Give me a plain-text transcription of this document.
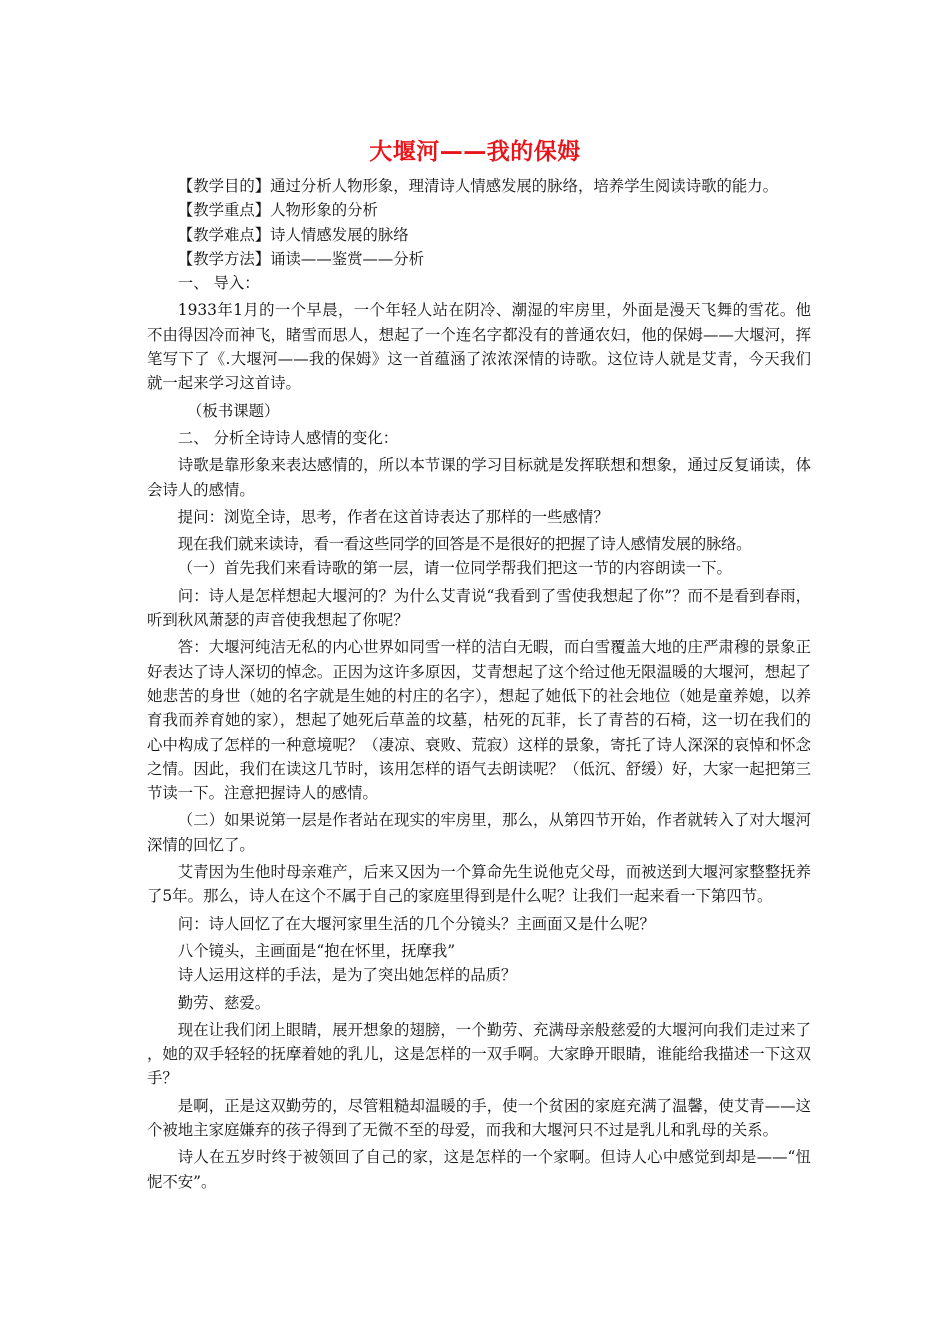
大堰河——我的保姆

【教学目的】通过分析人物形象，理清诗人情感发展的脉络，培养学生阅读诗歌的能力。

【教学重点】人物形象的分析

【教学难点】诗人情感发展的脉络

【教学方法】诵读——鉴赏——分析

一、 导入：

1933年1月的一个早晨，一个年轻人站在阴冷、潮湿的牢房里，外面是漫天飞舞的雪花。他不由得因冷而神飞，睹雪而思人，想起了一个连名字都没有的普通农妇，他的保姆——大堰河，挥笔写下了《.大堰河——我的保姆》这一首蕴涵了浓浓深情的诗歌。这位诗人就是艾青，今天我们就一起来学习这首诗。

（板书课题）

二、 分析全诗诗人感情的变化：

诗歌是靠形象来表达感情的，所以本节课的学习目标就是发挥联想和想象，通过反复诵读，体会诗人的感情。

提问：浏览全诗，思考，作者在这首诗表达了那样的一些感情？

现在我们就来读诗，看一看这些同学的回答是不是很好的把握了诗人感情发展的脉络。

（一）首先我们来看诗歌的第一层，请一位同学帮我们把这一节的内容朗读一下。

问：诗人是怎样想起大堰河的？为什么艾青说“我看到了雪使我想起了你”？而不是看到春雨，听到秋风萧瑟的声音使我想起了你呢？

答：大堰河纯洁无私的内心世界如同雪一样的洁白无暇，而白雪覆盖大地的庄严肃穆的景象正好表达了诗人深切的悼念。正因为这许多原因，艾青想起了这个给过他无限温暖的大堰河，想起了她悲苦的身世（她的名字就是生她的村庄的名字），想起了她低下的社会地位（她是童养媳，以养育我而养育她的家），想起了她死后草盖的坟墓，枯死的瓦菲，长了青苔的石椅，这一切在我们的心中构成了怎样的一种意境呢？（凄凉、衰败、荒寂）这样的景象，寄托了诗人深深的哀悼和怀念之情。因此，我们在读这几节时，该用怎样的语气去朗读呢？（低沉、舒缓）好，大家一起把第三节读一下。注意把握诗人的感情。

（二）如果说第一层是作者站在现实的牢房里，那么，从第四节开始，作者就转入了对大堰河深情的回忆了。

艾青因为生他时母亲难产，后来又因为一个算命先生说他克父母，而被送到大堰河家整整抚养了5年。那么，诗人在这个不属于自己的家庭里得到是什么呢？让我们一起来看一下第四节。

问：诗人回忆了在大堰河家里生活的几个分镜头？主画面又是什么呢？

八个镜头，主画面是“抱在怀里，抚摩我”

诗人运用这样的手法，是为了突出她怎样的品质？

勤劳、慈爱。

现在让我们闭上眼睛，展开想象的翅膀，一个勤劳、充满母亲般慈爱的大堰河向我们走过来了，她的双手轻轻的抚摩着她的乳儿，这是怎样的一双手啊。大家睁开眼睛，谁能给我描述一下这双手？

是啊，正是这双勤劳的，尽管粗糙却温暖的手，使一个贫困的家庭充满了温馨，使艾青——这个被地主家庭嫌弃的孩子得到了无微不至的母爱，而我和大堰河只不过是乳儿和乳母的关系。

诗人在五岁时终于被领回了自己的家，这是怎样的一个家啊。但诗人心中感觉到却是——“忸怩不安”。
